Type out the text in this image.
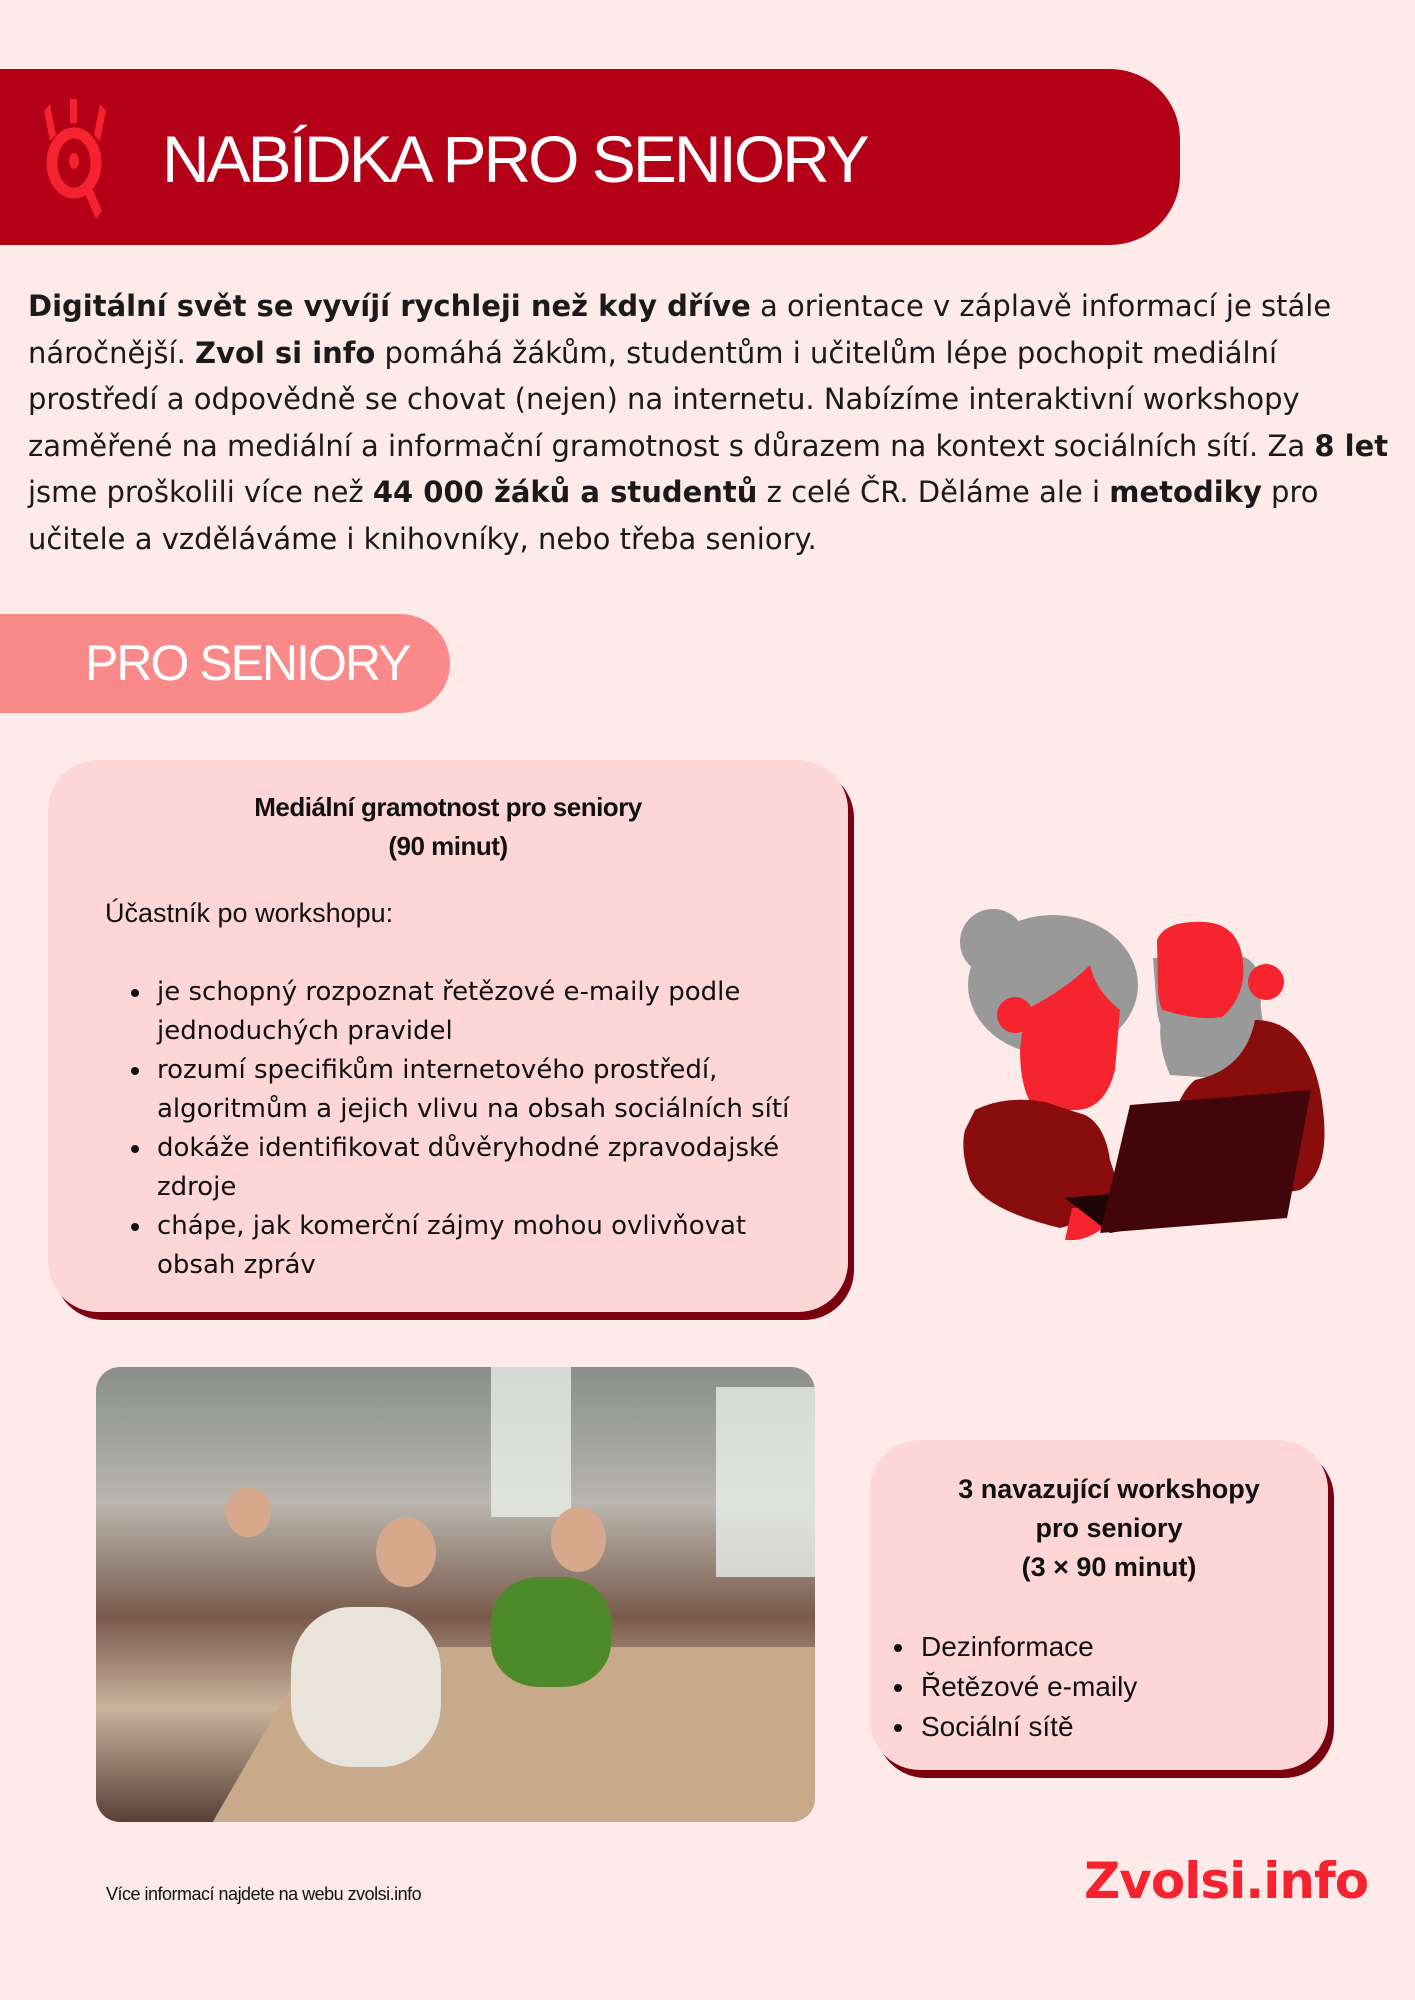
NABÍDKA PRO SENIORY

Digitální svět se vyvíjí rychleji než kdy dříve a orientace v záplavě informací je stále náročnější. Zvol si info pomáhá žákům, studentům i učitelům lépe pochopit mediální prostředí a odpovědně se chovat (nejen) na internetu. Nabízíme interaktivní workshopy zaměřené na mediální a informační gramotnost s důrazem na kontext sociálních sítí. Za 8 let jsme proškolili více než 44 000 žáků a studentů z celé ČR. Děláme ale i metodiky pro učitele a vzděláváme i knihovníky, nebo třeba seniory.

PRO SENIORY
Mediální gramotnost pro seniory
(90 minut)
Účastník po workshopu:
• je schopný rozpoznat řetězové e-maily podle jednoduchých pravidel
• rozumí specifikům internetového prostředí, algoritmům a jejich vlivu na obsah sociálních sítí
• dokáže identifikovat důvěryhodné zpravodajské zdroje
• chápe, jak komerční zájmy mohou ovlivňovat obsah zpráv
3 navazující workshopy
pro seniory
(3 × 90 minut)
• Dezinformace
• Řetězové e-maily
• Sociální sítě
Více informací najdete na webu zvolsi.info	Zvolsi.info
